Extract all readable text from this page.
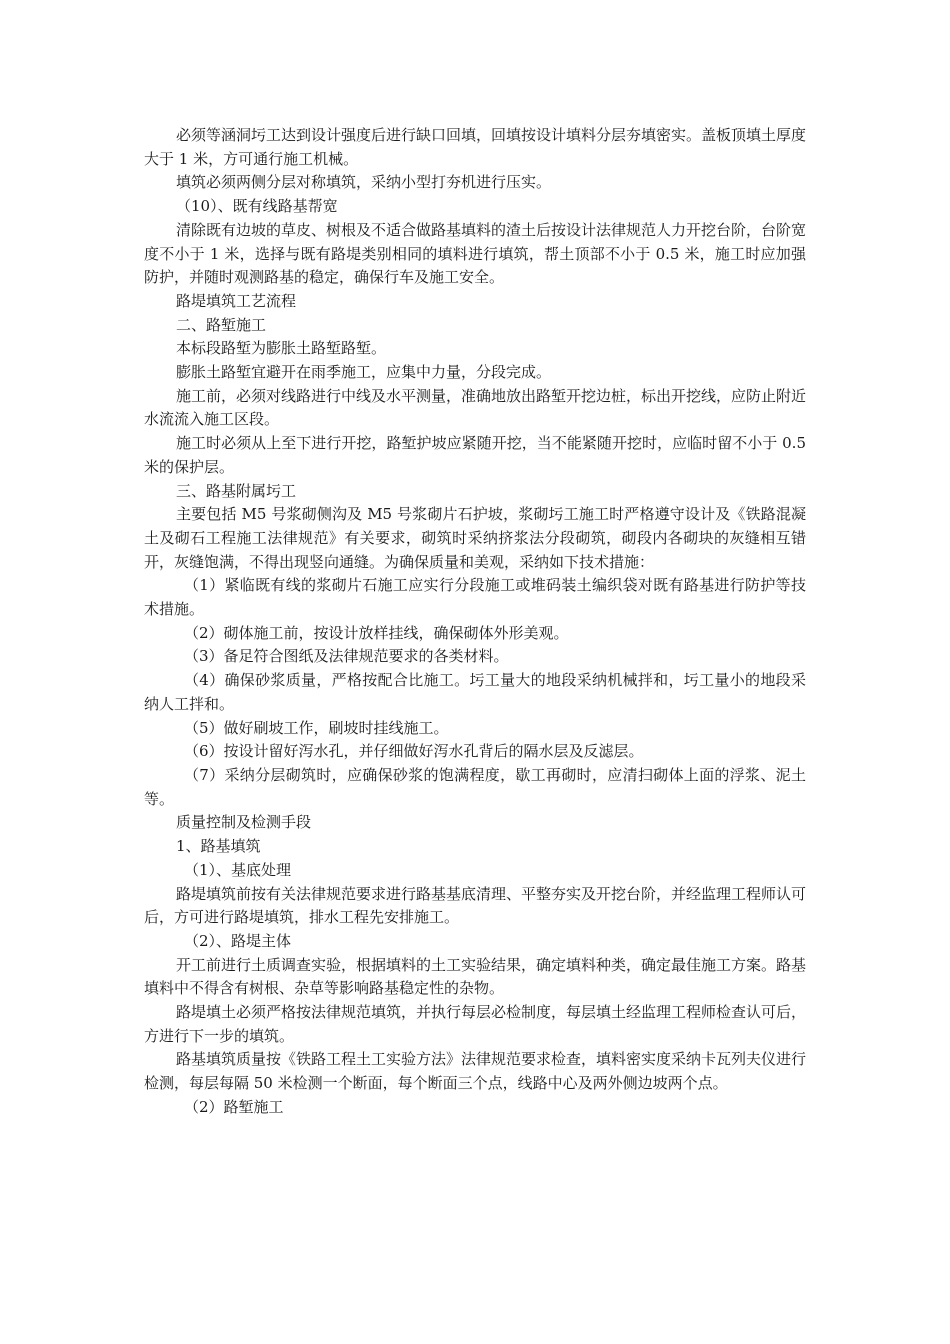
必须等涵洞圬工达到设计强度后进行缺口回填，回填按设计填料分层夯填密实。盖板顶填土厚度大于 1 米，方可通行施工机械。

填筑必须两侧分层对称填筑，采纳小型打夯机进行压实。

（10）、既有线路基帮宽

清除既有边坡的草皮、树根及不适合做路基填料的渣土后按设计法律规范人力开挖台阶，台阶宽度不小于 1 米，选择与既有路堤类别相同的填料进行填筑，帮土顶部不小于 0.5 米，施工时应加强防护，并随时观测路基的稳定，确保行车及施工安全。

路堤填筑工艺流程

二、路堑施工

本标段路堑为膨胀土路堑路堑。

膨胀土路堑宜避开在雨季施工，应集中力量，分段完成。

施工前，必须对线路进行中线及水平测量，准确地放出路堑开挖边桩，标出开挖线，应防止附近水流流入施工区段。

施工时必须从上至下进行开挖，路堑护坡应紧随开挖，当不能紧随开挖时，应临时留不小于 0.5 米的保护层。

三、路基附属圬工

主要包括 M5 号浆砌侧沟及 M5 号浆砌片石护坡，浆砌圬工施工时严格遵守设计及《铁路混凝土及砌石工程施工法律规范》有关要求，砌筑时采纳挤浆法分段砌筑，砌段内各砌块的灰缝相互错开，灰缝饱满，不得出现竖向通缝。为确保质量和美观，采纳如下技术措施：

（1）紧临既有线的浆砌片石施工应实行分段施工或堆码装土编织袋对既有路基进行防护等技术措施。

（2）砌体施工前，按设计放样挂线，确保砌体外形美观。

（3）备足符合图纸及法律规范要求的各类材料。

（4）确保砂浆质量，严格按配合比施工。圬工量大的地段采纳机械拌和，圬工量小的地段采纳人工拌和。

（5）做好刷坡工作，刷坡时挂线施工。

（6）按设计留好泻水孔，并仔细做好泻水孔背后的隔水层及反滤层。

（7）采纳分层砌筑时，应确保砂浆的饱满程度，歇工再砌时，应清扫砌体上面的浮浆、泥土等。

质量控制及检测手段

1、路基填筑

（1）、基底处理

路堤填筑前按有关法律规范要求进行路基基底清理、平整夯实及开挖台阶，并经监理工程师认可后，方可进行路堤填筑，排水工程先安排施工。

（2）、路堤主体

开工前进行土质调查实验，根据填料的土工实验结果，确定填料种类，确定最佳施工方案。路基填料中不得含有树根、杂草等影响路基稳定性的杂物。

路堤填土必须严格按法律规范填筑，并执行每层必检制度，每层填土经监理工程师检查认可后，方进行下一步的填筑。

路基填筑质量按《铁路工程土工实验方法》法律规范要求检查，填料密实度采纳卡瓦列夫仪进行检测，每层每隔 50 米检测一个断面，每个断面三个点，线路中心及两外侧边坡两个点。

（2）路堑施工
